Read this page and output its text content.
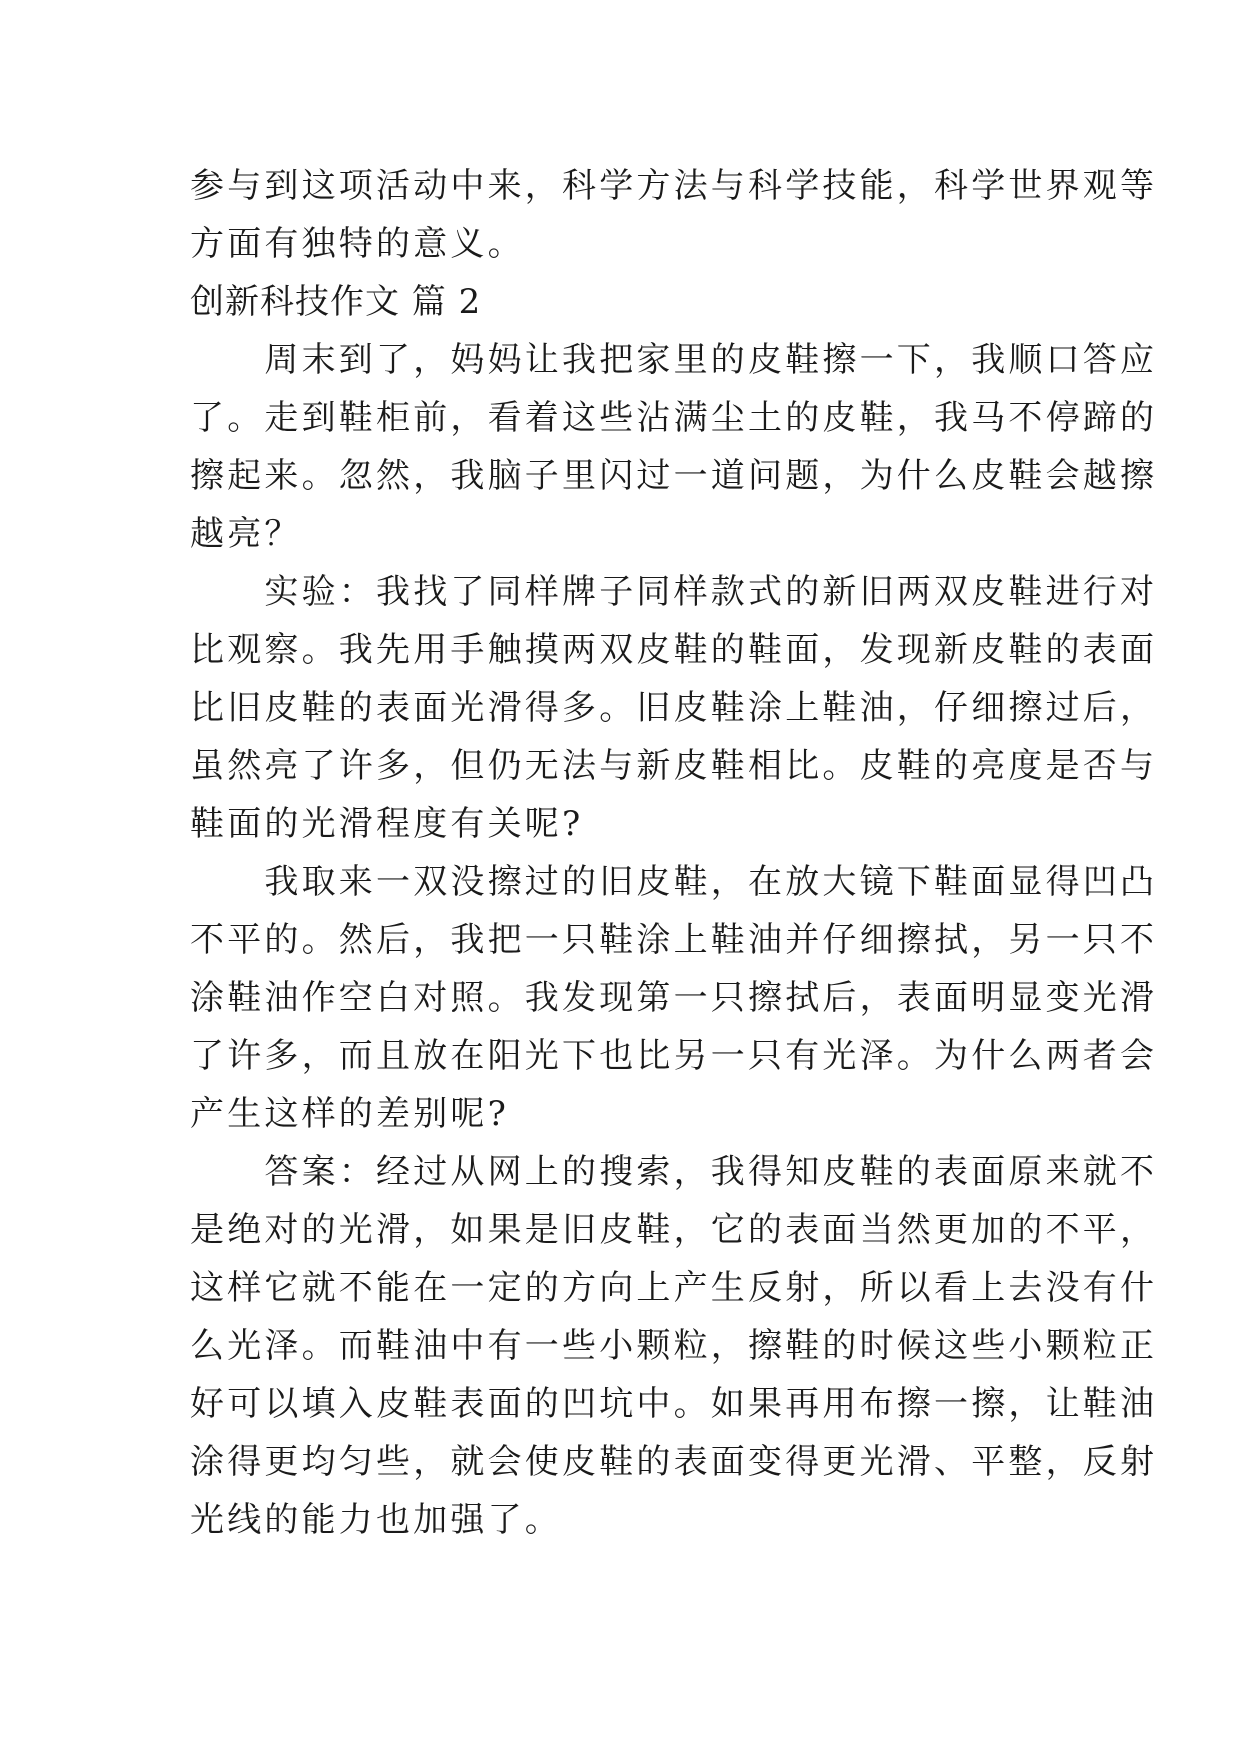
参与到这项活动中来，科学方法与科学技能，科学世界观等
方面有独特的意义。
创新科技作文 篇 2
　　周末到了，妈妈让我把家里的皮鞋擦一下，我顺口答应
了。走到鞋柜前，看着这些沾满尘土的皮鞋，我马不停蹄的
擦起来。忽然，我脑子里闪过一道问题，为什么皮鞋会越擦
越亮？
　　实验：我找了同样牌子同样款式的新旧两双皮鞋进行对
比观察。我先用手触摸两双皮鞋的鞋面，发现新皮鞋的表面
比旧皮鞋的表面光滑得多。旧皮鞋涂上鞋油，仔细擦过后，
虽然亮了许多，但仍无法与新皮鞋相比。皮鞋的亮度是否与
鞋面的光滑程度有关呢?
　　我取来一双没擦过的旧皮鞋，在放大镜下鞋面显得凹凸
不平的。然后，我把一只鞋涂上鞋油并仔细擦拭，另一只不
涂鞋油作空白对照。我发现第一只擦拭后，表面明显变光滑
了许多，而且放在阳光下也比另一只有光泽。为什么两者会
产生这样的差别呢?
　　答案：经过从网上的搜索，我得知皮鞋的表面原来就不
是绝对的光滑，如果是旧皮鞋，它的表面当然更加的不平，
这样它就不能在一定的方向上产生反射，所以看上去没有什
么光泽。而鞋油中有一些小颗粒，擦鞋的时候这些小颗粒正
好可以填入皮鞋表面的凹坑中。如果再用布擦一擦，让鞋油
涂得更均匀些，就会使皮鞋的表面变得更光滑、平整，反射
光线的能力也加强了。
